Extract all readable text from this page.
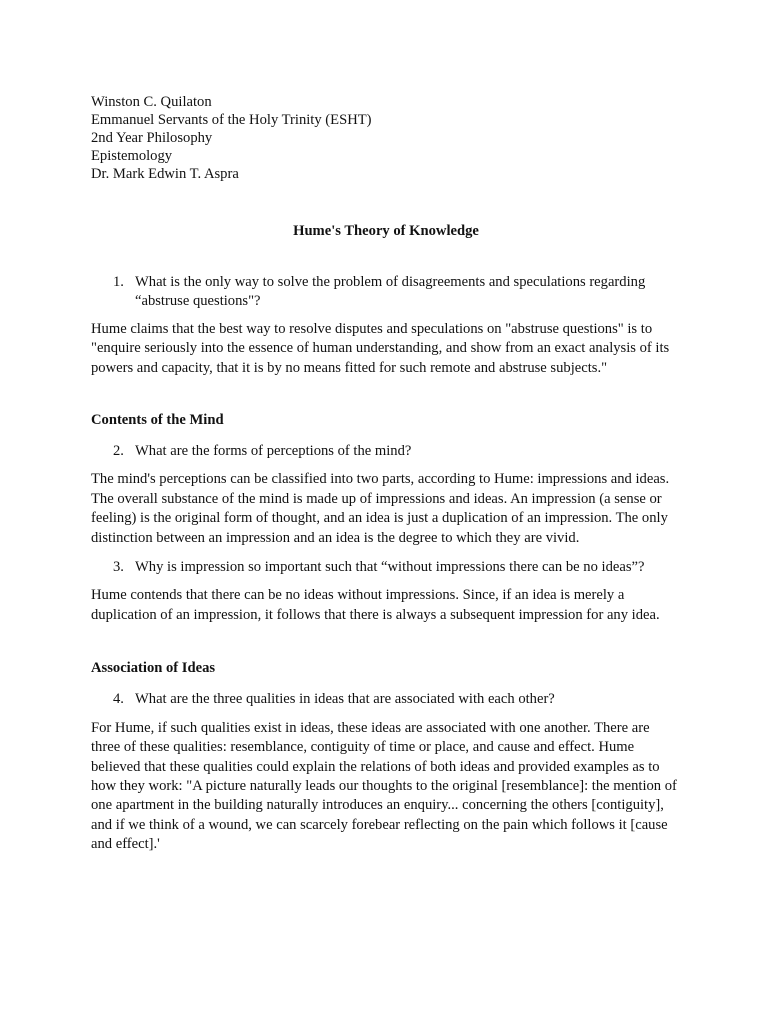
Winston C. Quilaton

Emmanuel Servants of the Holy Trinity (ESHT)

2nd Year Philosophy

Epistemology

Dr. Mark Edwin T. Aspra

Hume's Theory of Knowledge
1. What is the only way to solve the problem of disagreements and speculations regarding “abstruse questions"?

Hume claims that the best way to resolve disputes and speculations on "abstruse questions" is to "enquire seriously into the essence of human understanding, and show from an exact analysis of its powers and capacity, that it is by no means fitted for such remote and abstruse subjects."

Contents of the Mind
2. What are the forms of perceptions of the mind?

The mind's perceptions can be classified into two parts, according to Hume: impressions and ideas. The overall substance of the mind is made up of impressions and ideas. An impression (a sense or feeling) is the original form of thought, and an idea is just a duplication of an impression. The only distinction between an impression and an idea is the degree to which they are vivid.

3. Why is impression so important such that “without impressions there can be no ideas”?

Hume contends that there can be no ideas without impressions. Since, if an idea is merely a duplication of an impression, it follows that there is always a subsequent impression for any idea.

Association of Ideas
4. What are the three qualities in ideas that are associated with each other?

For Hume, if such qualities exist in ideas, these ideas are associated with one another. There are three of these qualities: resemblance, contiguity of time or place, and cause and effect. Hume believed that these qualities could explain the relations of both ideas and provided examples as to how they work: "A picture naturally leads our thoughts to the original [resemblance]: the mention of one apartment in the building naturally introduces an enquiry... concerning the others [contiguity], and if we think of a wound, we can scarcely forebear reflecting on the pain which follows it [cause and effect].'
